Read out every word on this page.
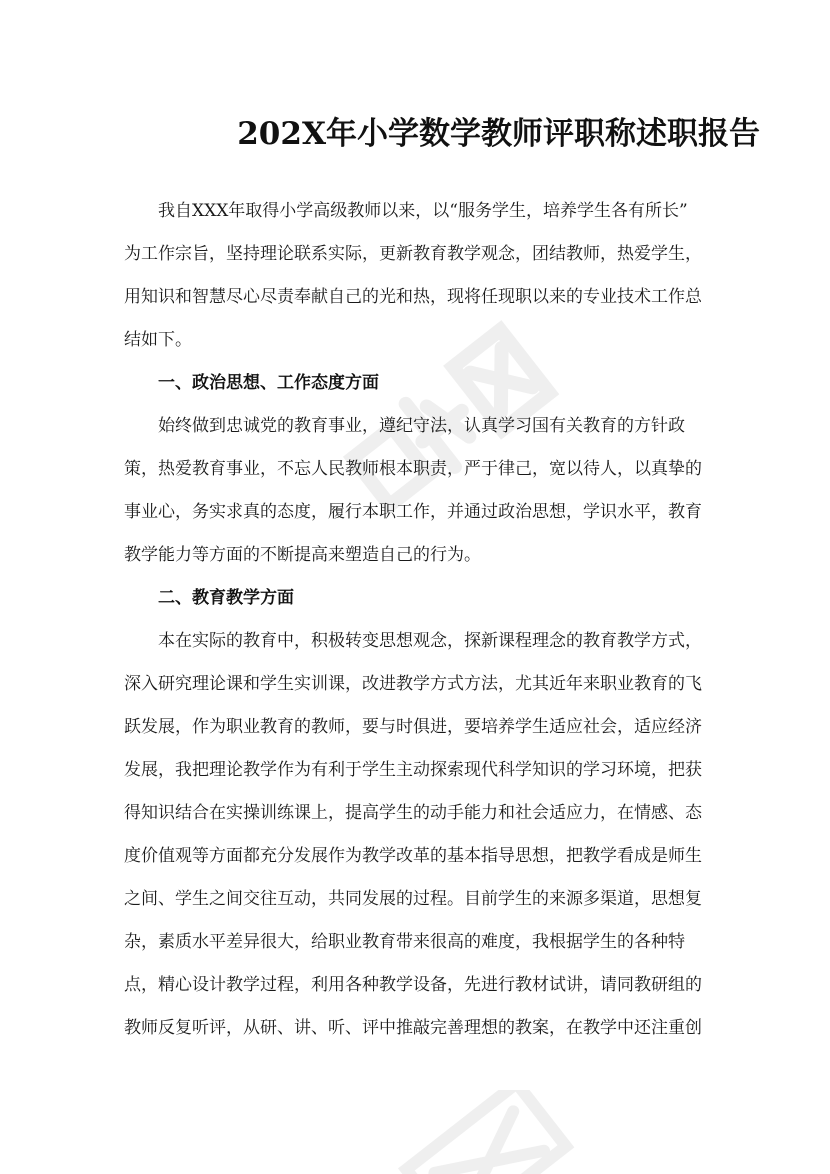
202X年小学数学教师评职称述职报告
我自XXX年取得小学高级教师以来，以“服务学生，培养学生各有所长”
为工作宗旨，坚持理论联系实际，更新教育教学观念，团结教师，热爱学生，
用知识和智慧尽心尽责奉献自己的光和热，现将任现职以来的专业技术工作总
结如下。
一、政治思想、工作态度方面
始终做到忠诚党的教育事业，遵纪守法，认真学习国有关教育的方针政
策，热爱教育事业，不忘人民教师根本职责，严于律己，宽以待人，以真挚的
事业心，务实求真的态度，履行本职工作，并通过政治思想，学识水平，教育
教学能力等方面的不断提高来塑造自己的行为。
二、教育教学方面
本在实际的教育中，积极转变思想观念，探新课程理念的教育教学方式，
深入研究理论课和学生实训课，改进教学方式方法，尤其近年来职业教育的飞
跃发展，作为职业教育的教师，要与时俱进，要培养学生适应社会，适应经济
发展，我把理论教学作为有利于学生主动探索现代科学知识的学习环境，把获
得知识结合在实操训练课上，提高学生的动手能力和社会适应力，在情感、态
度价值观等方面都充分发展作为教学改革的基本指导思想，把教学看成是师生
之间、学生之间交往互动，共同发展的过程。目前学生的来源多渠道，思想复
杂，素质水平差异很大，给职业教育带来很高的难度，我根据学生的各种特
点，精心设计教学过程，利用各种教学设备，先进行教材试讲，请同教研组的
教师反复听评，从研、讲、听、评中推敲完善理想的教案，在教学中还注重创
